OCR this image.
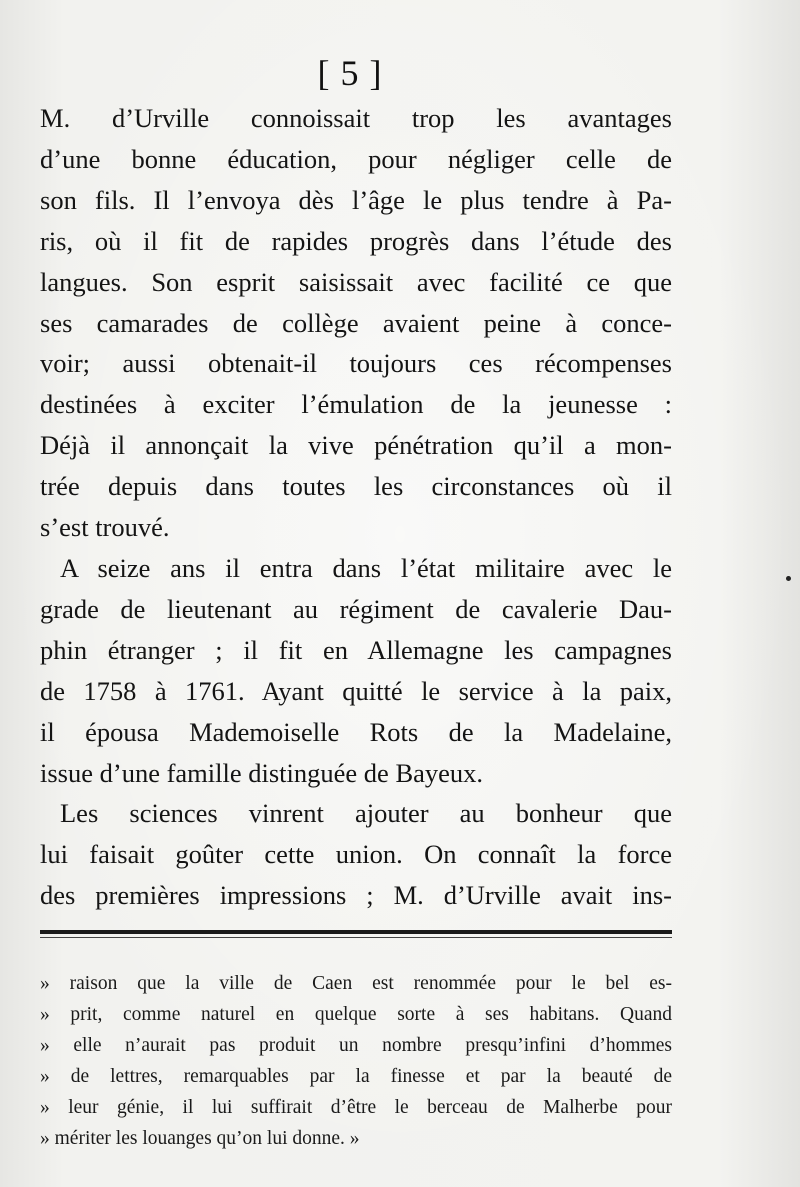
[ 5 ]

M. d’Urville connoissait trop les avantages
d’une bonne éducation, pour négliger celle de
son fils. Il l’envoya dès l’âge le plus tendre à Pa-
ris, où il fit de rapides progrès dans l’étude des
langues. Son esprit saisissait avec facilité ce que
ses camarades de collège avaient peine à conce-
voir; aussi obtenait-il toujours ces récompenses
destinées à exciter l’émulation de la jeunesse :
Déjà il annonçait la vive pénétration qu’il a mon-
trée depuis dans toutes les circonstances où il
s’est trouvé.

A seize ans il entra dans l’état militaire avec le
grade de lieutenant au régiment de cavalerie Dau-
phin étranger ; il fit en Allemagne les campagnes
de 1758 à 1761. Ayant quitté le service à la paix,
il épousa Mademoiselle Rots de la Madelaine,
issue d’une famille distinguée de Bayeux.

Les sciences vinrent ajouter au bonheur que
lui faisait goûter cette union. On connaît la force
des premières impressions ; M. d’Urville avait ins-

» raison que la ville de Caen est renommée pour le bel es-
» prit, comme naturel en quelque sorte à ses habitans. Quand
» elle n’aurait pas produit un nombre presqu’infini d’hommes
» de lettres, remarquables par la finesse et par la beauté de
» leur génie, il lui suffirait d’être le berceau de Malherbe pour
» mériter les louanges qu’on lui donne. »
